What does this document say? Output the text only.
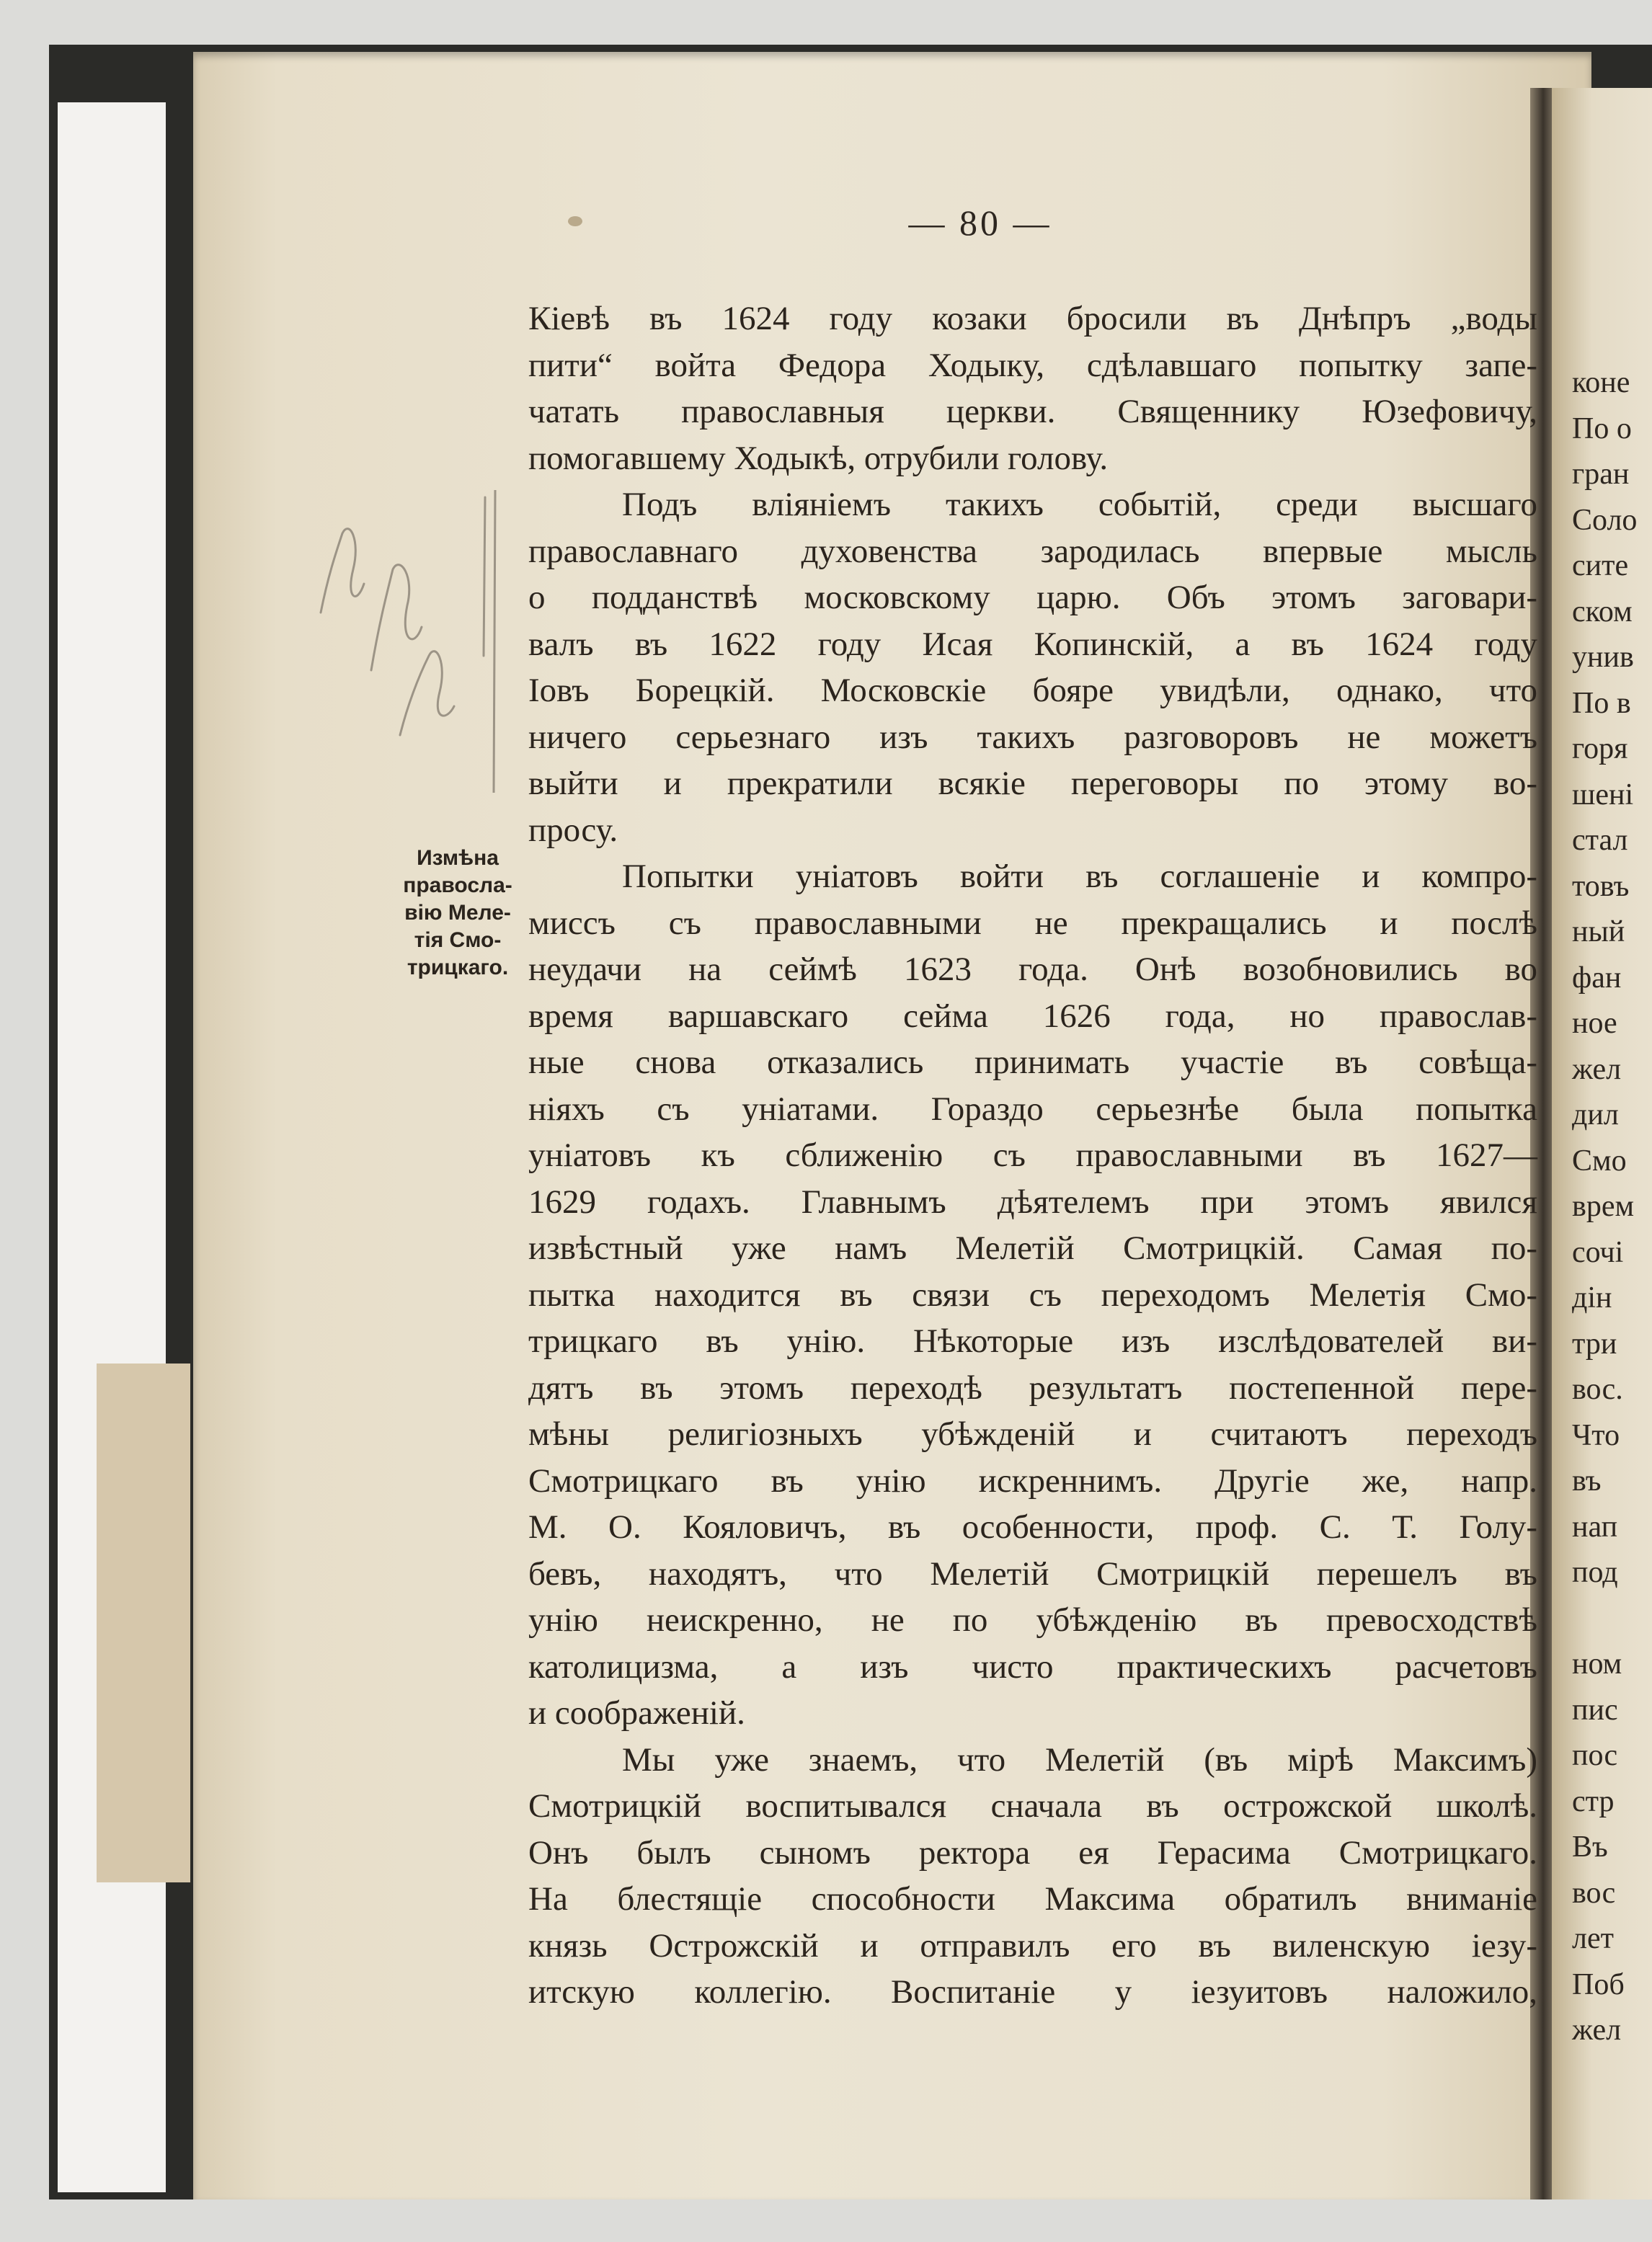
коне
По о
гран
Соло
сите
ском
унив
По в
горя
шені
стал
товъ
ный
фан
ное
жел
дил
Смо
врем
сочі
дін
три
вос.
Что
въ
нап
под
ном
пис
пос
стр
Въ
вос
лет
Поб
жел
— 80 —
Измѣна
правосла-
вію Меле-
тія Смо-
трицкаго.
Кіевѣ въ 1624 году козаки бросили въ Днѣпръ „воды
пити“ войта Федора Ходыку, сдѣлавшаго попытку запе-
чатать православныя церкви. Священнику Юзефовичу,
помогавшему Ходыкѣ, отрубили голову.
Подъ вліяніемъ такихъ событій, среди высшаго
православнаго духовенства зародилась впервые мысль
о подданствѣ московскому царю. Объ этомъ заговари-
валъ въ 1622 году Исая Копинскій, а въ 1624 году
Іовъ Борецкій. Московскіе бояре увидѣли, однако, что
ничего серьезнаго изъ такихъ разговоровъ не можетъ
выйти и прекратили всякіе переговоры по этому во-
просу.
Попытки уніатовъ войти въ соглашеніе и компро-
миссъ съ православными не прекращались и послѣ
неудачи на сеймѣ 1623 года. Онѣ возобновились во
время варшавскаго сейма 1626 года, но православ-
ные снова отказались принимать участіе въ совѣща-
ніяхъ съ уніатами. Гораздо серьезнѣе была попытка
уніатовъ къ сближенію съ православными въ 1627—
1629 годахъ. Главнымъ дѣятелемъ при этомъ явился
извѣстный уже намъ Мелетій Смотрицкій. Самая по-
пытка находится въ связи съ переходомъ Мелетія Смо-
трицкаго въ унію. Нѣкоторые изъ изслѣдователей ви-
дятъ въ этомъ переходѣ результатъ постепенной пере-
мѣны религіозныхъ убѣжденій и считаютъ переходъ
Смотрицкаго въ унію искреннимъ. Другіе же, напр.
М. О. Кояловичъ, въ особенности, проф. С. Т. Голу-
бевъ, находятъ, что Мелетій Смотрицкій перешелъ въ
унію неискренно, не по убѣжденію въ превосходствѣ
католицизма, а изъ чисто практическихъ расчетовъ
и соображеній.
Мы уже знаемъ, что Мелетій (въ мірѣ Максимъ)
Смотрицкій воспитывался сначала въ острожской школѣ.
Онъ былъ сыномъ ректора ея Герасима Смотрицкаго.
На блестящіе способности Максима обратилъ вниманіе
князь Острожскій и отправилъ его въ виленскую іезу-
итскую коллегію. Воспитаніе у іезуитовъ наложило,
